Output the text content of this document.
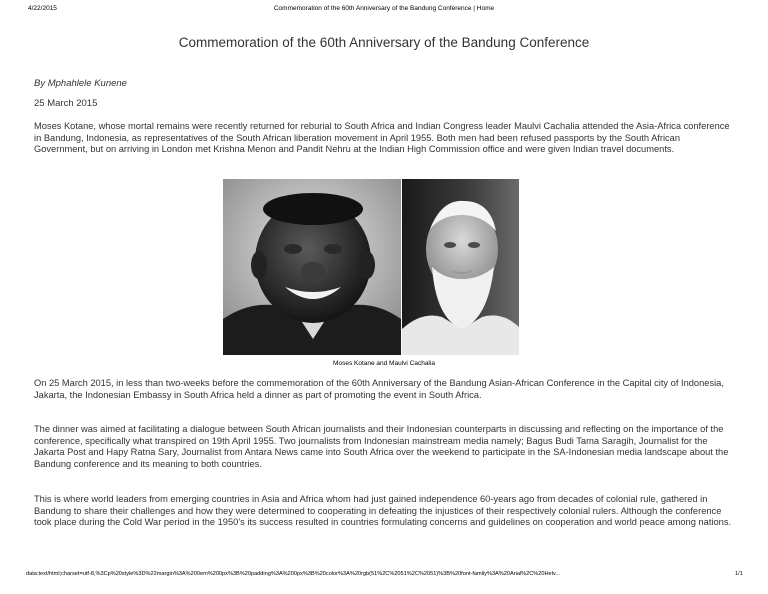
4/22/2015	Commemoration of the 60th Anniversary of the Bandung Conference | Home
Commemoration of the 60th Anniversary of the Bandung Conference
By Mphahlele Kunene
25 March 2015

Moses Kotane, whose mortal remains were recently returned for reburial to South Africa and Indian Congress leader Maulvi Cachalia attended the Asia-Africa conference in Bandung, Indonesia, as representatives of the South African liberation movement in April 1955. Both men had been refused passports by the South African Government, but on arriving in London met Krishna Menon and Pandit Nehru at the Indian High Commission office and were given Indian travel documents.

Moses Kotane and Maulvi Cachalia

On 25 March 2015, in less than two-weeks before the commemoration of the 60th Anniversary of the Bandung Asian-African Conference in the Capital city of Indonesia, Jakarta, the Indonesian Embassy in South Africa held a dinner as part of promoting the event in South Africa.

The dinner was aimed at facilitating a dialogue between South African journalists and their Indonesian counterparts in discussing and reflecting on the importance of the conference, specifically what transpired on 19th April 1955. Two journalists from Indonesian mainstream media namely; Bagus Budi Tama Saragih, Journalist for the Jakarta Post and Hapy Ratna Sary, Journalist from Antara News came into South Africa over the weekend to participate in the SA-Indonesian media landscape about the Bandung conference and its meaning to both countries.

This is where world leaders from emerging countries in Asia and Africa whom had just gained independence 60-years ago from decades of colonial rule, gathered in Bandung to share their challenges and how they were determined to cooperating in defeating the injustices of their respectively colonial rulers. Although the conference took place during the Cold War period in the 1950's its success resulted in countries formulating concerns and guidelines on cooperation and world peace among nations.

data:text/html;charset=utf-8,%3Cp%20style%3D%22margin%3A%200em%200px%3B%20padding%3A%200px%3B%20color%3A%20rgb(51%2C%2051%2C%2051)%3B%20font-family%3A%20Arial%2C%20Helv...	1/1
